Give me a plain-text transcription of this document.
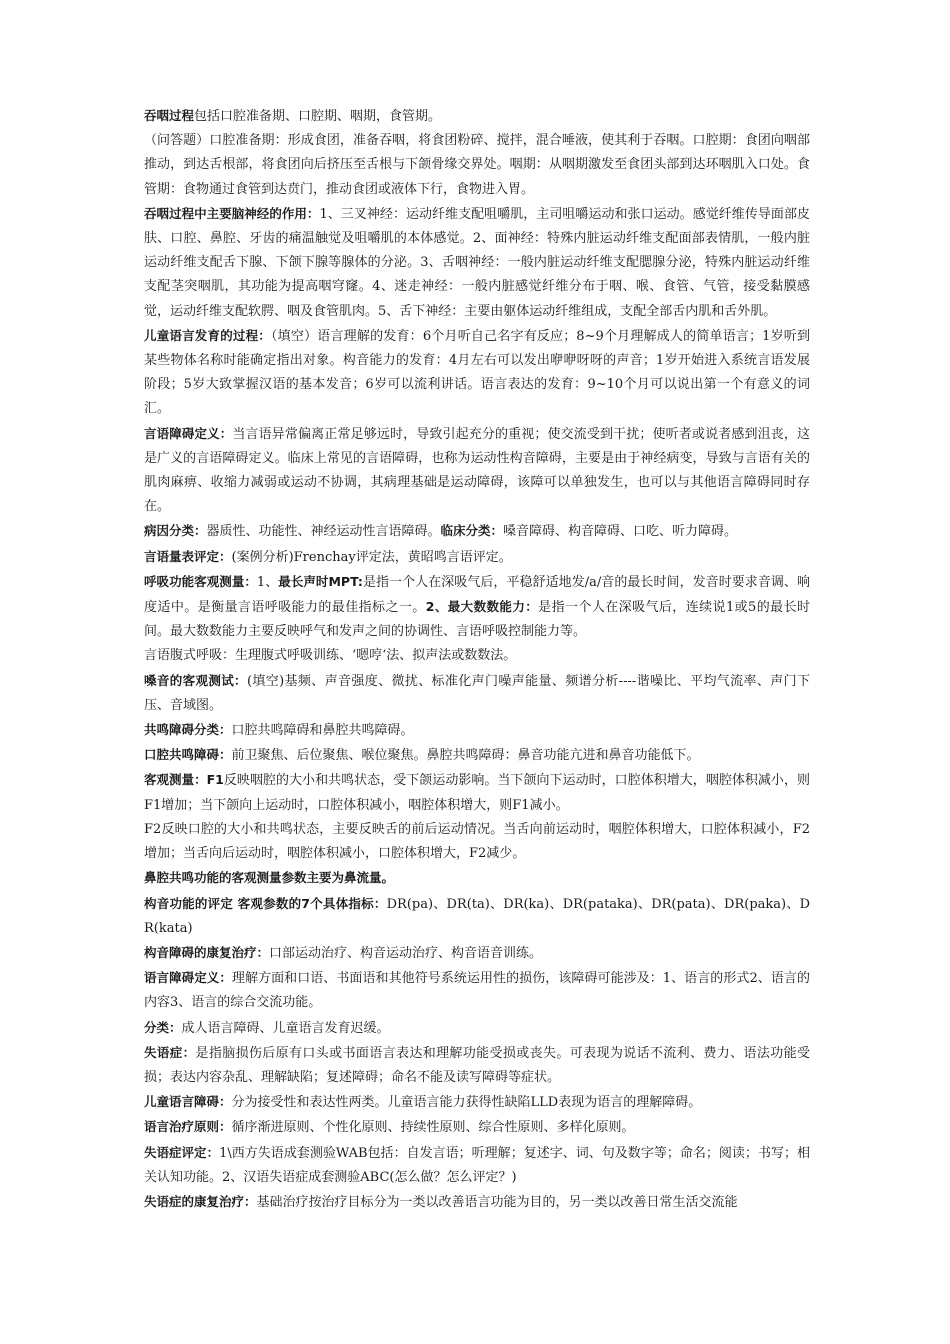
吞咽过程包括口腔准备期、口腔期、咽期，食管期。

（问答题）口腔准备期：形成食团，准备吞咽，将食团粉碎、搅拌，混合唾液，使其利于吞咽。口腔期：食团向咽部推动，到达舌根部，将食团向后挤压至舌根与下颌骨缘交界处。咽期：从咽期激发至食团头部到达环咽肌入口处。食管期：食物通过食管到达贲门，推动食团或液体下行，食物进入胃。

吞咽过程中主要脑神经的作用：1、三叉神经：运动纤维支配咀嚼肌，主司咀嚼运动和张口运动。感觉纤维传导面部皮肤、口腔、鼻腔、牙齿的痛温触觉及咀嚼肌的本体感觉。2、面神经：特殊内脏运动纤维支配面部表情肌，一般内脏运动纤维支配舌下腺、下颌下腺等腺体的分泌。3、舌咽神经：一般内脏运动纤维支配腮腺分泌，特殊内脏运动纤维支配茎突咽肌，其功能为提高咽穹窿。4、迷走神经：一般内脏感觉纤维分布于咽、喉、食管、气管，接受黏膜感觉，运动纤维支配软腭、咽及食管肌肉。5、舌下神经：主要由躯体运动纤维组成，支配全部舌内肌和舌外肌。

儿童语言发育的过程：（填空）语言理解的发育：6个月听自己名字有反应；8~9个月理解成人的简单语言；1岁听到某些物体名称时能确定指出对象。构音能力的发育：4月左右可以发出咿咿呀呀的声音；1岁开始进入系统言语发展阶段；5岁大致掌握汉语的基本发音；6岁可以流利讲话。语言表达的发育：9~10个月可以说出第一个有意义的词汇。

言语障碍定义：当言语异常偏离正常足够远时，导致引起充分的重视；使交流受到干扰；使听者或说者感到沮丧，这是广义的言语障碍定义。临床上常见的言语障碍，也称为运动性构音障碍，主要是由于神经病变，导致与言语有关的肌肉麻痹、收缩力减弱或运动不协调，其病理基础是运动障碍，该障可以单独发生，也可以与其他语言障碍同时存在。

病因分类：器质性、功能性、神经运动性言语障碍。临床分类：嗓音障碍、构音障碍、口吃、听力障碍。

言语量表评定：(案例分析)Frenchay评定法，黄昭鸣言语评定。

呼吸功能客观测量：1、最长声时MPT:是指一个人在深吸气后，平稳舒适地发/a/音的最长时间，发音时要求音调、响度适中。是衡量言语呼吸能力的最佳指标之一。2、最大数数能力：是指一个人在深吸气后，连续说1或5的最长时间。最大数数能力主要反映呼气和发声之间的协调性、言语呼吸控制能力等。

言语腹式呼吸：生理腹式呼吸训练、‘嗯哼‘法、拟声法或数数法。

嗓音的客观测试：(填空)基频、声音强度、微扰、标准化声门噪声能量、频谱分析----谐噪比、平均气流率、声门下压、音域图。

共鸣障碍分类：口腔共鸣障碍和鼻腔共鸣障碍。

口腔共鸣障碍：前卫聚焦、后位聚焦、喉位聚焦。鼻腔共鸣障碍：鼻音功能亢进和鼻音功能低下。

客观测量：F1反映咽腔的大小和共鸣状态，受下颌运动影响。当下颌向下运动时，口腔体积增大，咽腔体积减小，则F1增加；当下颌向上运动时，口腔体积减小，咽腔体积增大，则F1减小。

F2反映口腔的大小和共鸣状态，主要反映舌的前后运动情况。当舌向前运动时，咽腔体积增大，口腔体积减小，F2增加；当舌向后运动时，咽腔体积减小，口腔体积增大，F2减少。

鼻腔共鸣功能的客观测量参数主要为鼻流量。

构音功能的评定 客观参数的7个具体指标：DR(pa)、DR(ta)、DR(ka)、DR(pataka)、DR(pata)、DR(paka)、DR(kata)

构音障碍的康复治疗：口部运动治疗、构音运动治疗、构音语音训练。

语言障碍定义：理解方面和口语、书面语和其他符号系统运用性的损伤，该障碍可能涉及：1、语言的形式2、语言的内容3、语言的综合交流功能。

分类：成人语言障碍、儿童语言发育迟缓。

失语症：是指脑损伤后原有口头或书面语言表达和理解功能受损或丧失。可表现为说话不流利、费力、语法功能受损；表达内容杂乱、理解缺陷；复述障碍；命名不能及读写障碍等症状。

儿童语言障碍：分为接受性和表达性两类。儿童语言能力获得性缺陷LLD表现为语言的理解障碍。

语言治疗原则：循序渐进原则、个性化原则、持续性原则、综合性原则、多样化原则。

失语症评定：1\西方失语成套测验WAB包括：自发言语；听理解；复述字、词、句及数字等；命名；阅读；书写；相关认知功能。2、汉语失语症成套测验ABC(怎么做？怎么评定？)

失语症的康复治疗：基础治疗按治疗目标分为一类以改善语言功能为目的，另一类以改善日常生活交流能
